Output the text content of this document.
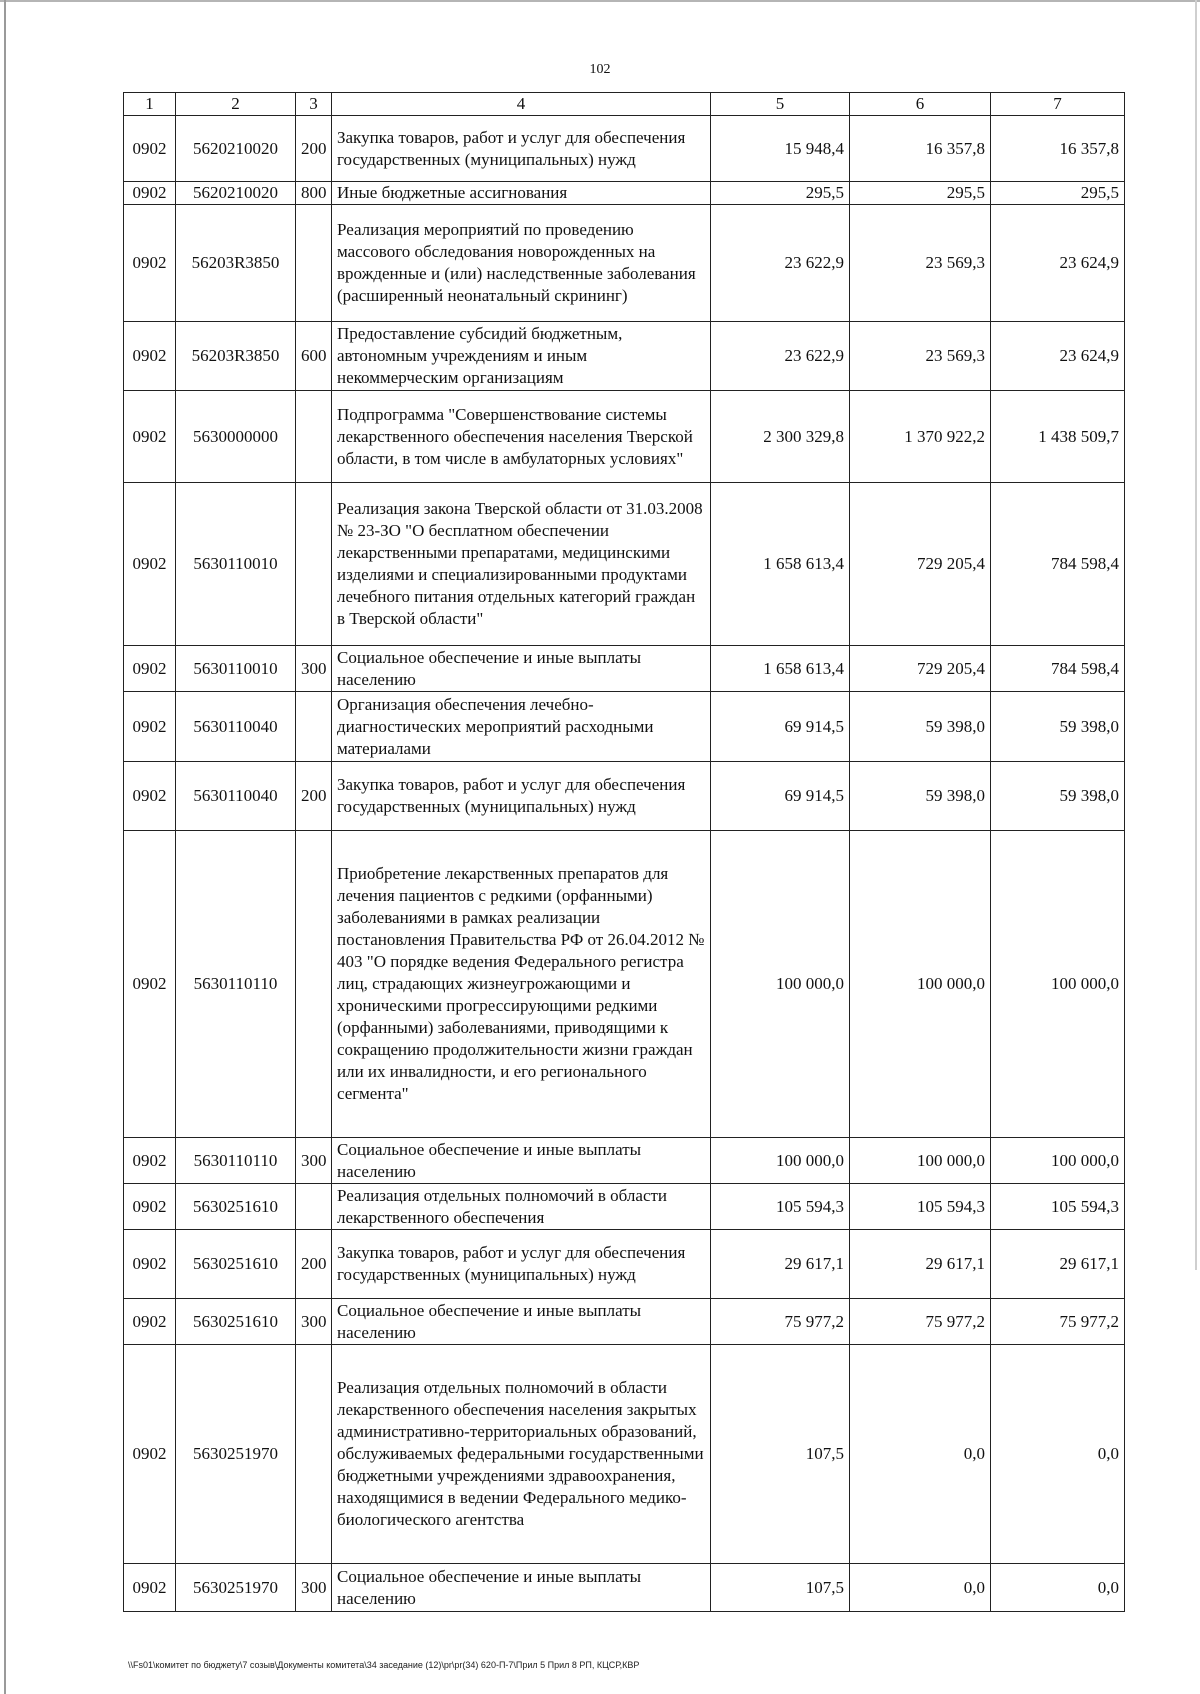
102
1	2	3	4	5	6	7
0902	5620210020	200	Закупка товаров, работ и услуг для обеспечения государственных (муниципальных) нужд	15 948,4	16 357,8	16 357,8
0902	5620210020	800	Иные бюджетные ассигнования	295,5	295,5	295,5
0902	56203R3850		Реализация мероприятий по проведению массового обследования новорожденных на врожденные и (или) наследственные заболевания (расширенный неонатальный скрининг)	23 622,9	23 569,3	23 624,9
0902	56203R3850	600	Предоставление субсидий бюджетным, автономным учреждениям и иным некоммерческим организациям	23 622,9	23 569,3	23 624,9
0902	5630000000		Подпрограмма "Совершенствование системы лекарственного обеспечения населения Тверской области, в том числе в амбулаторных условиях"	2 300 329,8	1 370 922,2	1 438 509,7
0902	5630110010		Реализация закона Тверской области от 31.03.2008 № 23-ЗО "О бесплатном обеспечении лекарственными препаратами, медицинскими изделиями и специализированными продуктами лечебного питания отдельных категорий граждан в Тверской области"	1 658 613,4	729 205,4	784 598,4
0902	5630110010	300	Социальное обеспечение и иные выплаты населению	1 658 613,4	729 205,4	784 598,4
0902	5630110040		Организация обеспечения лечебно-диагностических мероприятий расходными материалами	69 914,5	59 398,0	59 398,0
0902	5630110040	200	Закупка товаров, работ и услуг для обеспечения государственных (муниципальных) нужд	69 914,5	59 398,0	59 398,0
0902	5630110110		Приобретение лекарственных препаратов для лечения пациентов с редкими (орфанными) заболеваниями в рамках реализации постановления Правительства РФ от 26.04.2012 № 403 "О порядке ведения Федерального регистра лиц, страдающих жизнеугрожающими и хроническими прогрессирующими редкими (орфанными) заболеваниями, приводящими к сокращению продолжительности жизни граждан или их инвалидности, и его регионального сегмента"	100 000,0	100 000,0	100 000,0
0902	5630110110	300	Социальное обеспечение и иные выплаты населению	100 000,0	100 000,0	100 000,0
0902	5630251610		Реализация отдельных полномочий в области лекарственного обеспечения	105 594,3	105 594,3	105 594,3
0902	5630251610	200	Закупка товаров, работ и услуг для обеспечения государственных (муниципальных) нужд	29 617,1	29 617,1	29 617,1
0902	5630251610	300	Социальное обеспечение и иные выплаты населению	75 977,2	75 977,2	75 977,2
0902	5630251970		Реализация отдельных полномочий в области лекарственного обеспечения населения закрытых административно-территориальных образований, обслуживаемых федеральными государственными бюджетными учреждениями здравоохранения, находящимися в ведении Федерального медико-биологического агентства	107,5	0,0	0,0
0902	5630251970	300	Социальное обеспечение и иные выплаты населению	107,5	0,0	0,0
\\Fs01\комитет по бюджету\7 созыв\Документы комитета\34 заседание (12)\pr\pr(34) 620-П-7\Прил 5 Прил 8 РП, КЦСР,КВР
